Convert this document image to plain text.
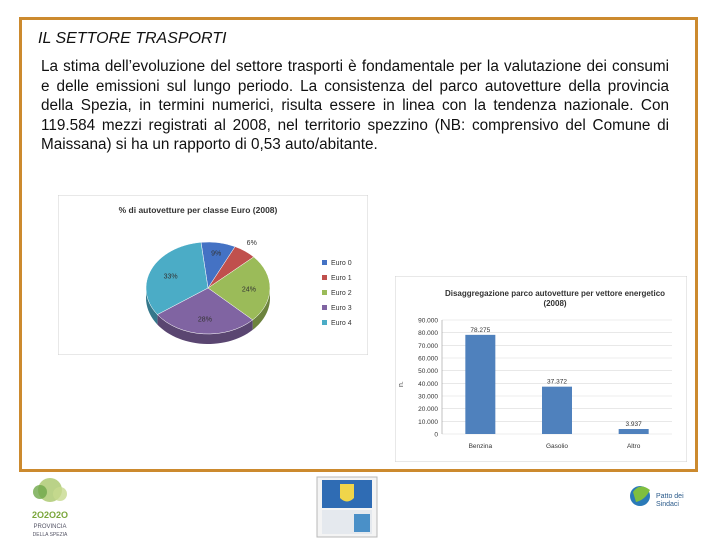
IL SETTORE TRASPORTI
La stima dell’evoluzione del settore trasporti è fondamentale per la valutazione dei consumi e delle emissioni sul lungo periodo. La consistenza del parco autovetture della provincia della Spezia, in termini numerici, risulta essere in linea con la tendenza nazionale. Con 119.584 mezzi registrati al 2008, nel territorio spezzino (NB: comprensivo del Comune di Maissana) si ha un rapporto di 0,53 auto/abitante.
% di autovetture per classe Euro (2008)
9%
6%
24%
28%
33%
Euro 0
Euro 1
Euro 2
Euro 3
Euro 4
Disaggregazione parco autovetture per vettore energetico
(2008)
0
10.000
20.000
30.000
40.000
50.000
60.000
70.000
80.000
90.000
n.
78.275
Benzina
37.372
Gasolio
3.937
Altro
2O2O2O
PROVINCIA
DELLA SPEZIA
Patto dei
Sindaci
